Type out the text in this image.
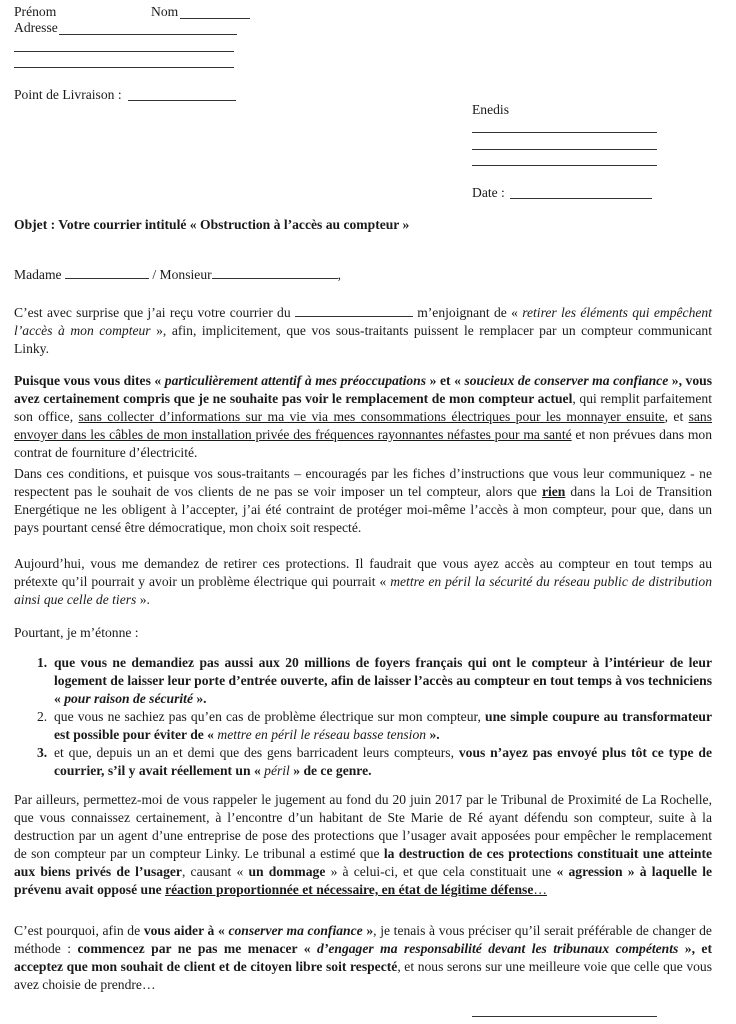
Prénom	Nom
Adresse
Point de Livraison :
Enedis
Date :
Objet : Votre courrier intitulé « Obstruction à l’accès au compteur »
Madame	/ Monsieur	,

C’est avec surprise que j’ai reçu votre courrier du	m’enjoignant de « retirer les éléments qui empêchent l’accès à mon compteur », afin, implicitement, que vos sous-traitants puissent le remplacer par un compteur communicant Linky.

Puisque vous vous dites « particulièrement attentif à mes préoccupations » et « soucieux de conserver ma confiance », vous avez certainement compris que je ne souhaite pas voir le remplacement de mon compteur actuel, qui remplit parfaitement son office, sans collecter d’informations sur ma vie via mes consommations électriques pour les monnayer ensuite, et sans envoyer dans les câbles de mon installation privée des fréquences rayonnantes néfastes pour ma santé et non prévues dans mon contrat de fourniture d’électricité.

Dans ces conditions, et puisque vos sous-traitants – encouragés par les fiches d’instructions que vous leur communiquez - ne respectent pas le souhait de vos clients de ne pas se voir imposer un tel compteur, alors que rien dans la Loi de Transition Energétique ne les obligent à l’accepter, j’ai été contraint de protéger moi-même l’accès à mon compteur, pour que, dans un pays pourtant censé être démocratique, mon choix soit respecté.

Aujourd’hui, vous me demandez de retirer ces protections. Il faudrait que vous ayez accès au compteur en tout temps au prétexte qu’il pourrait y avoir un problème électrique qui pourrait « mettre en péril la sécurité du réseau public de distribution ainsi que celle de tiers ».

Pourtant, je m’étonne :

1. que vous ne demandiez pas aussi aux 20 millions de foyers français qui ont le compteur à l’intérieur de leur logement de laisser leur porte d’entrée ouverte, afin de laisser l’accès au compteur en tout temps à vos techniciens « pour raison de sécurité ».
2. que vous ne sachiez pas qu’en cas de problème électrique sur mon compteur, une simple coupure au transformateur est possible pour éviter de « mettre en péril le réseau basse tension ».
3. et que, depuis un an et demi que des gens barricadent leurs compteurs, vous n’ayez pas envoyé plus tôt ce type de courrier, s’il y avait réellement un « péril » de ce genre.

Par ailleurs, permettez-moi de vous rappeler le jugement au fond du 20 juin 2017 par le Tribunal de Proximité de La Rochelle, que vous connaissez certainement, à l’encontre d’un habitant de Ste Marie de Ré ayant défendu son compteur, suite à la destruction par un agent d’une entreprise de pose des protections que l’usager avait apposées pour empêcher le remplacement de son compteur par un compteur Linky. Le tribunal a estimé que la destruction de ces protections constituait une atteinte aux biens privés de l’usager, causant « un dommage » à celui-ci, et que cela constituait une « agression » à laquelle le prévenu avait opposé une réaction proportionnée et nécessaire, en état de légitime défense…

C’est pourquoi, afin de vous aider à « conserver ma confiance », je tenais à vous préciser qu’il serait préférable de changer de méthode : commencez par ne pas me menacer « d’engager ma responsabilité devant les tribunaux compétents », et acceptez que mon souhait de client et de citoyen libre soit respecté, et nous serons sur une meilleure voie que celle que vous avez choisie de prendre…
